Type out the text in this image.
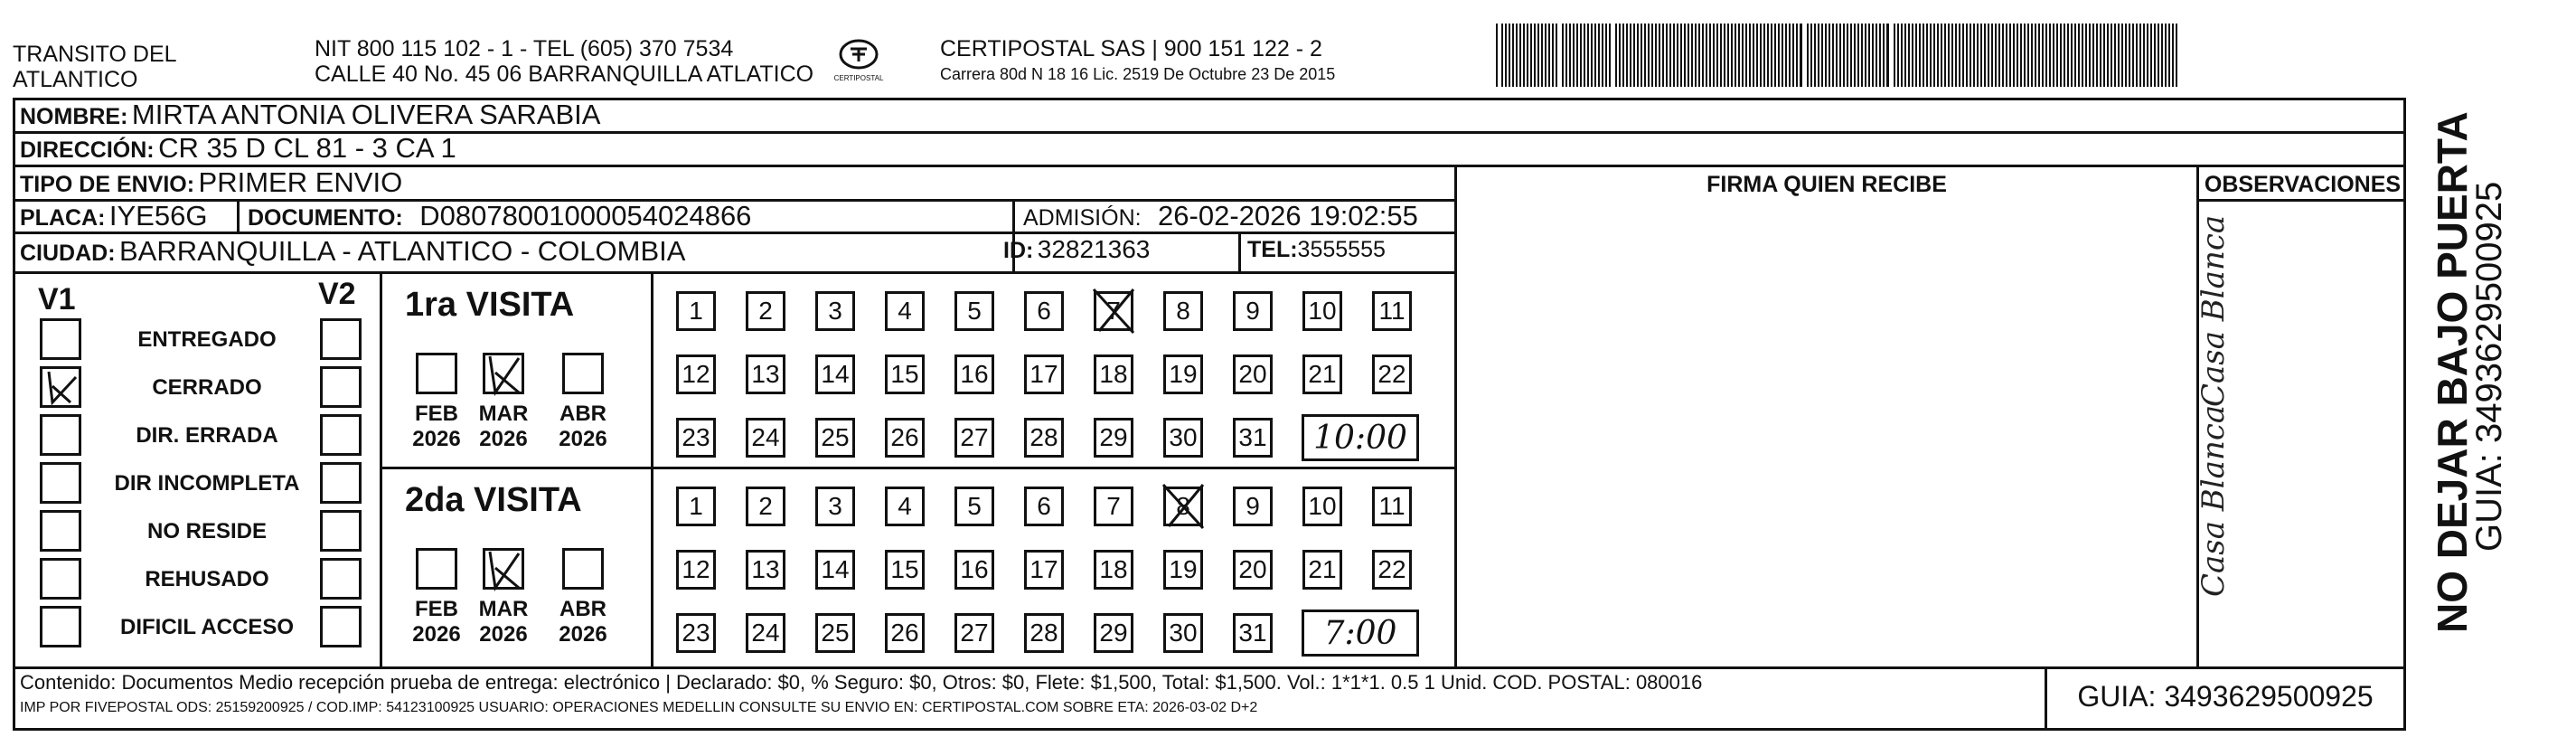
TRANSITO DEL
ATLANTICO
NIT 800 115 102 - 1 - TEL (605) 370 7534
CALLE 40 No. 45 06 BARRANQUILLA ATLATICO	CERTIPOSTAL
CERTIPOSTAL SAS | 900 151 122 - 2
Carrera 80d N 18 16 Lic. 2519 De Octubre 23 De 2015
NOMBRE: MIRTA ANTONIA OLIVERA SARABIA
DIRECCIÓN: CR 35 D CL 81 - 3 CA 1
TIPO DE ENVIO: PRIMER ENVIO
PLACA: IYE56G DOCUMENTO: D08078001000054024866	ADMISIÓN: 26-02-2026 19:02:55
CIUDAD: BARRANQUILLA - ATLANTICO - COLOMBIA	ID: 32821363	TEL:3555555
FIRMA QUIEN RECIBE	OBSERVACIONES
V1	V2
ENTREGADO
CERRADO
DIR. ERRADA
DIR INCOMPLETA
NO RESIDE
REHUSADO
DIFICIL ACCESO
1ra VISITA
FEB
2026
MAR
2026
ABR
2026
1	2	3	4	5	6	7	8	9	10 11
12 13 14 15 16 17 18 19 20 21 22
23 24 25 26 27 28 29 30 31	10:00
2da VISITA
FEB
2026
MAR
2026
ABR
2026
1	2	3	4	5	6	7	8	9	10 11
12 13 14 15 16 17 18 19 20 21 22
23 24 25 26 27 28 29 30 31	7:00
Casa Blanca
Casa Blanca
Contenido: Documentos Medio recepción prueba de entrega: electrónico | Declarado: $0, % Seguro: $0, Otros: $0, Flete: $1,500, Total: $1,500. Vol.: 1*1*1. 0.5 1 Unid. COD. POSTAL: 080016
IMP POR FIVEPOSTAL ODS: 25159200925 / COD.IMP: 54123100925 USUARIO: OPERACIONES MEDELLIN CONSULTE SU ENVIO EN: CERTIPOSTAL.COM SOBRE ETA: 2026-03-02 D+2	GUIA: 3493629500925
NO DEJAR BAJO PUERTA
GUIA: 3493629500925
